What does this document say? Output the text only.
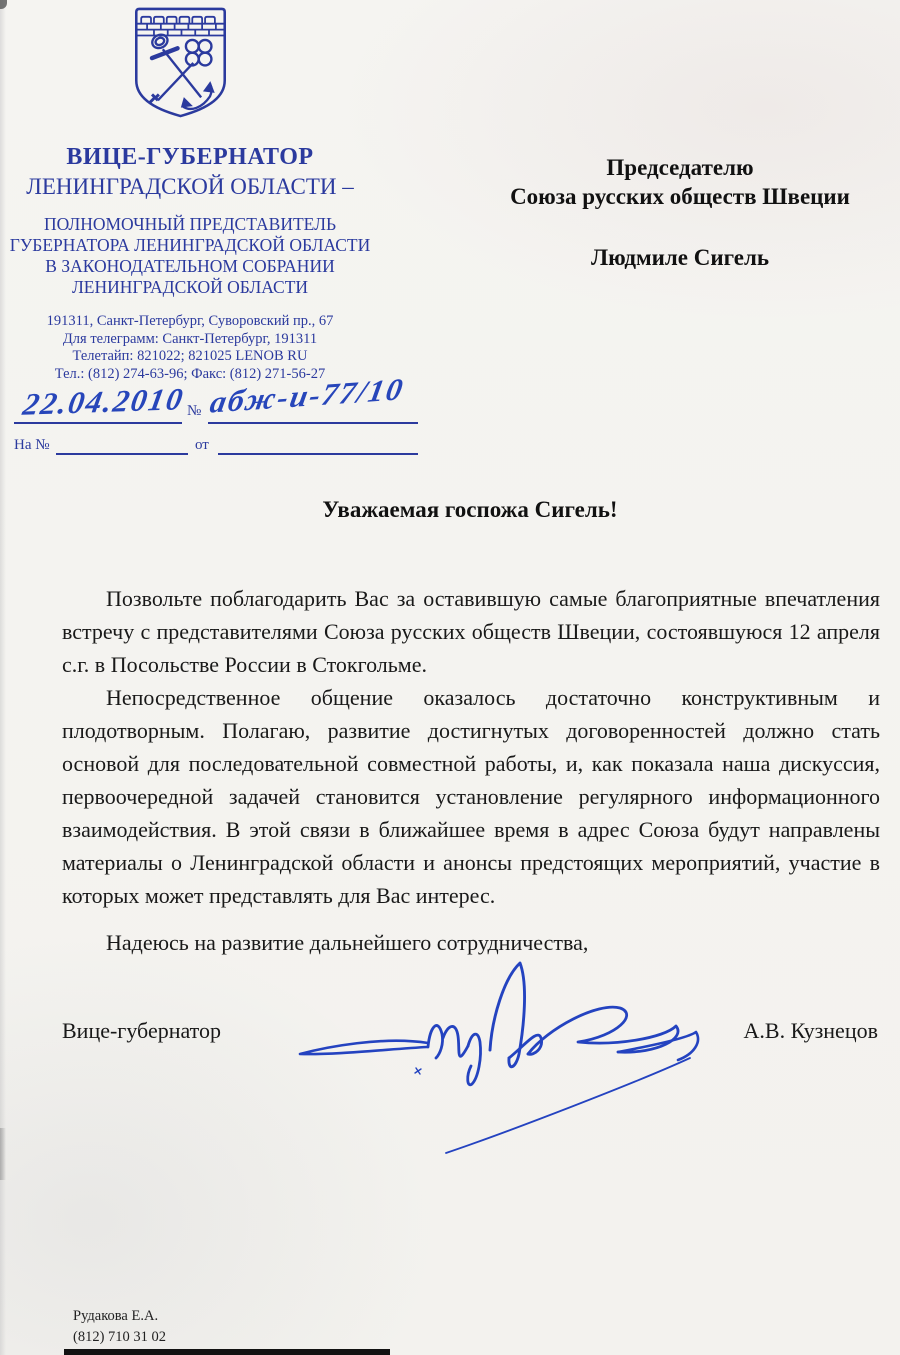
ВИЦЕ-ГУБЕРНАТОР
ЛЕНИНГРАДСКОЙ ОБЛАСТИ –
ПОЛНОМОЧНЫЙ ПРЕДСТАВИТЕЛЬ
ГУБЕРНАТОРА ЛЕНИНГРАДСКОЙ ОБЛАСТИ
В ЗАКОНОДАТЕЛЬНОМ СОБРАНИИ
ЛЕНИНГРАДСКОЙ ОБЛАСТИ
191311, Санкт-Петербург, Суворовский пр., 67
Для телеграмм: Санкт-Петербург, 191311
Телетайп: 821022; 821025 LENOB RU
Тел.: (812) 274-63-96; Факс: (812) 271-56-27
22.04.2010 № абж-и-77/10
На №	от
Председателю
Союза русских обществ Швеции
Людмиле Сигель
Уважаемая госпожа Сигель!

Позвольте поблагодарить Вас за оставившую самые благоприятные впечатления встречу с представителями Союза русских обществ Швеции, состоявшуюся 12 апреля с.г. в Посольстве России в Стокгольме.

Непосредственное общение оказалось достаточно конструктивным и плодотворным. Полагаю, развитие достигнутых договоренностей должно стать основой для последовательной совместной работы, и, как показала наша дискуссия, первоочередной задачей становится установление регулярного информационного взаимодействия. В этой связи в ближайшее время в адрес Союза будут направлены материалы о Ленинградской области и анонсы предстоящих мероприятий, участие в которых может представлять для Вас интерес.

Надеюсь на развитие дальнейшего сотрудничества,
Вице-губернатор	А.В. Кузнецов
Рудакова Е.А.
(812) 710 31 02
